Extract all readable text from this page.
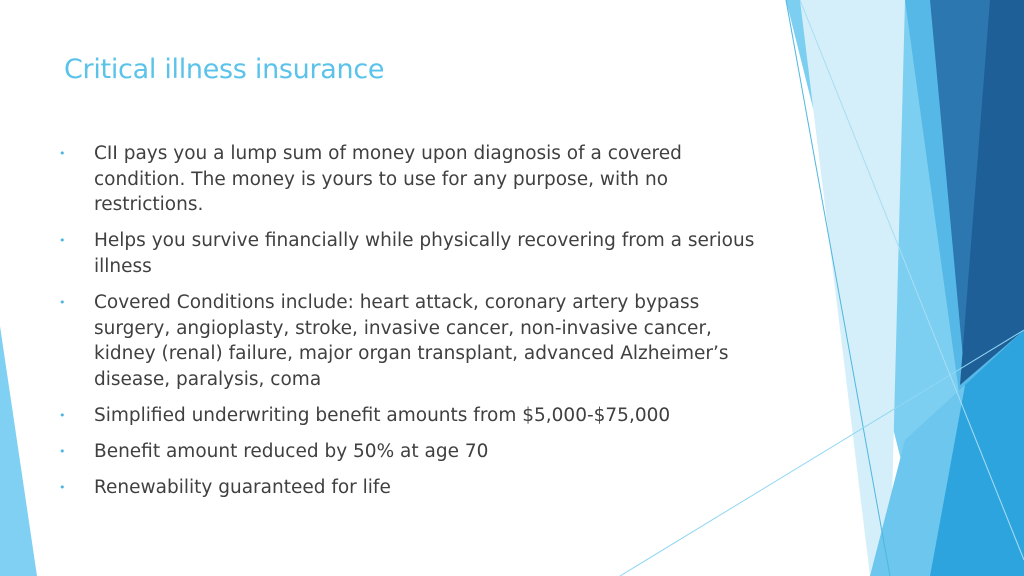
Critical illness insurance
• CII pays you a lump sum of money upon diagnosis of a covered condition. The money is yours to use for any purpose, with no restrictions.
• Helps you survive financially while physically recovering from a serious illness
• Covered Conditions include: heart attack, coronary artery bypass surgery, angioplasty, stroke, invasive cancer, non-invasive cancer, kidney (renal) failure, major organ transplant, advanced Alzheimer’s disease, paralysis, coma
• Simplified underwriting benefit amounts from $5,000-$75,000
• Benefit amount reduced by 50% at age 70
• Renewability guaranteed for life
